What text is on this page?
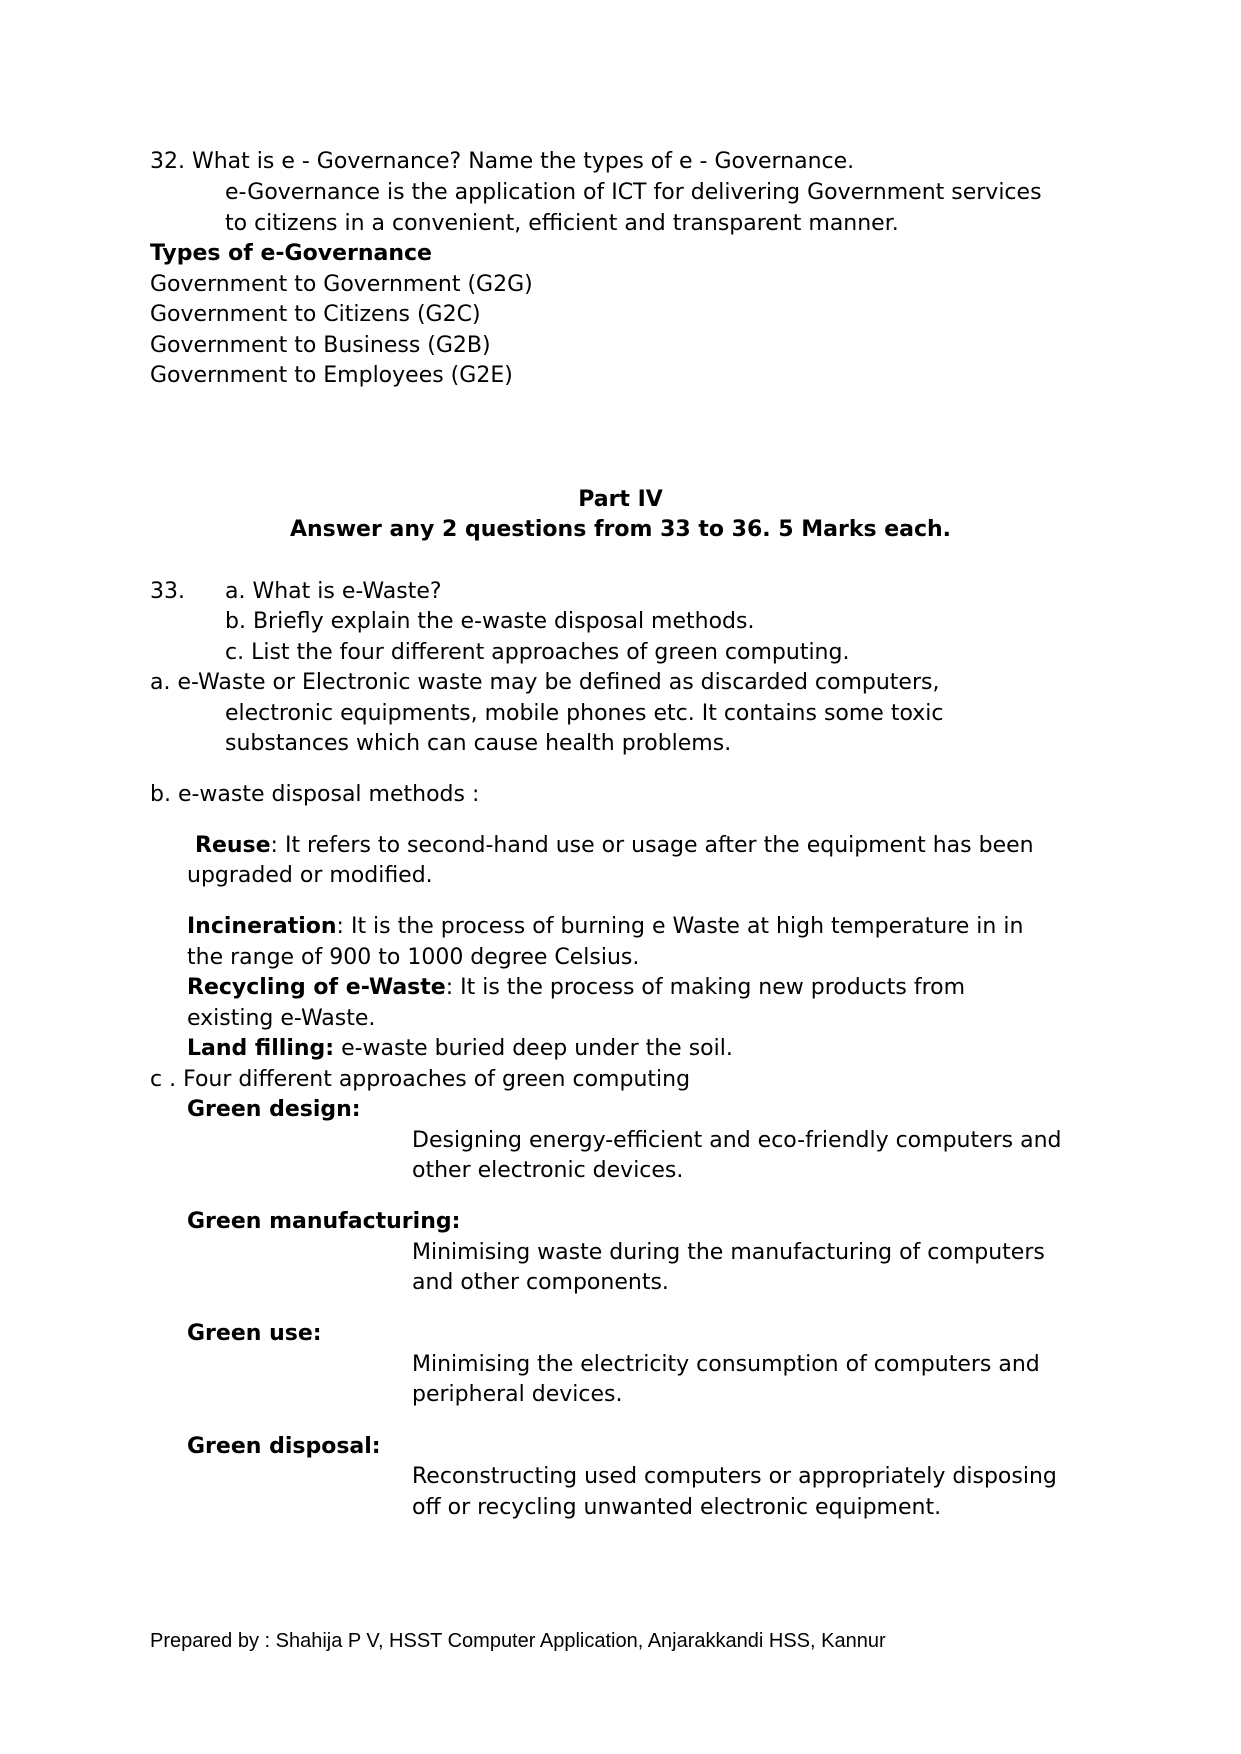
32. What is e - Governance? Name the types of e - Governance.
e-Governance is the application of ICT for delivering Government services
to citizens in a convenient, efficient and transparent manner.
Types of e-Governance
Government to Government (G2G)
Government to Citizens (G2C)
Government to Business (G2B)
Government to Employees (G2E)
Part IV
Answer any 2 questions from 33 to 36. 5 Marks each.
33. a. What is e-Waste?
b. Briefly explain the e-waste disposal methods.
c. List the four different approaches of green computing.
a. e-Waste or Electronic waste may be defined as discarded computers,
electronic equipments, mobile phones etc. It contains some toxic
substances which can cause health problems.
b. e-waste disposal methods :
Reuse: It refers to second-hand use or usage after the equipment has been
upgraded or modified.
Incineration: It is the process of burning e Waste at high temperature in in
the range of 900 to 1000 degree Celsius.
Recycling of e-Waste: It is the process of making new products from
existing e-Waste.
Land filling: e-waste buried deep under the soil.
c . Four different approaches of green computing
Green design:
Designing energy-efficient and eco-friendly computers and
other electronic devices.
Green manufacturing:
Minimising waste during the manufacturing of computers
and other components.
Green use:
Minimising the electricity consumption of computers and
peripheral devices.
Green disposal:
Reconstructing used computers or appropriately disposing
off or recycling unwanted electronic equipment.
Prepared by : Shahija P V, HSST Computer Application, Anjarakkandi HSS, Kannur
